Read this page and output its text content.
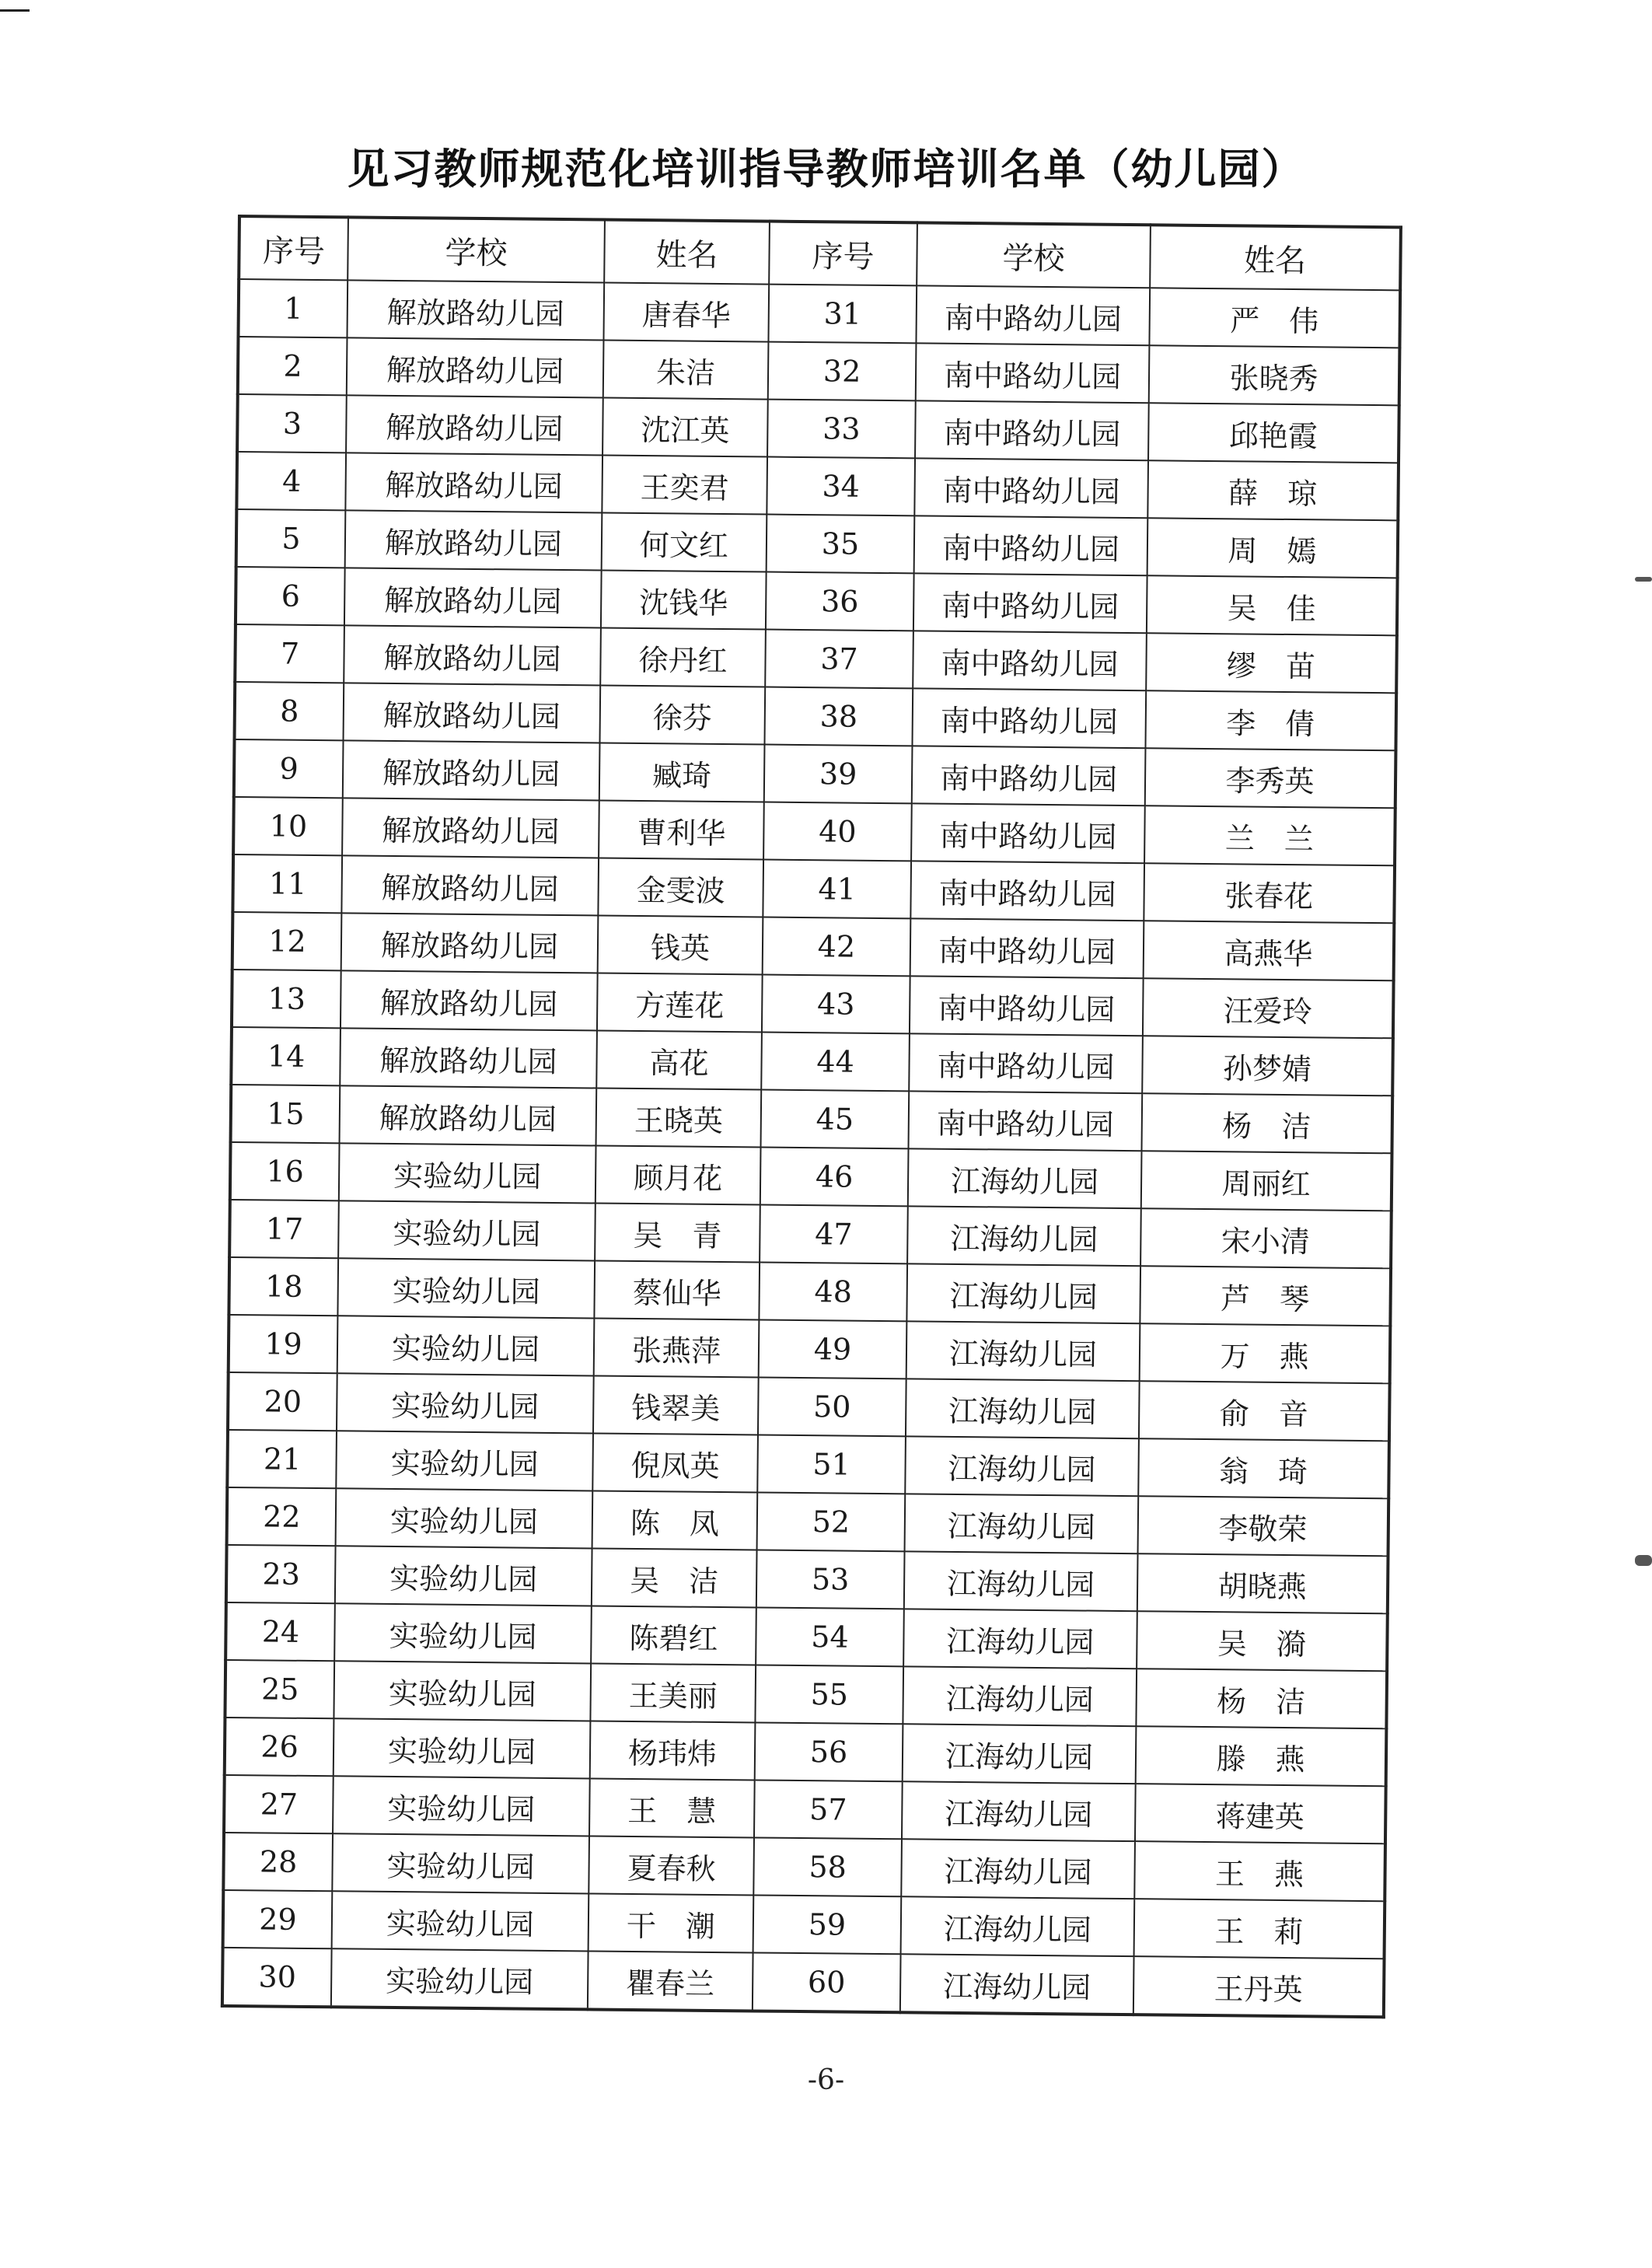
见习教师规范化培训指导教师培训名单（幼儿园）
序号	学校	姓名	序号	学校	姓名
1	解放路幼儿园	唐春华	31	南中路幼儿园	严　伟
2	解放路幼儿园	朱洁	32	南中路幼儿园	张晓秀
3	解放路幼儿园	沈江英	33	南中路幼儿园	邱艳霞
4	解放路幼儿园	王奕君	34	南中路幼儿园	薛　琼
5	解放路幼儿园	何文红	35	南中路幼儿园	周　嫣
6	解放路幼儿园	沈钱华	36	南中路幼儿园	吴　佳
7	解放路幼儿园	徐丹红	37	南中路幼儿园	缪　苗
8	解放路幼儿园	徐芬	38	南中路幼儿园	李　倩
9	解放路幼儿园	臧琦	39	南中路幼儿园	李秀英
10	解放路幼儿园	曹利华	40	南中路幼儿园	兰　兰
11	解放路幼儿园	金雯波	41	南中路幼儿园	张春花
12	解放路幼儿园	钱英	42	南中路幼儿园	高燕华
13	解放路幼儿园	方莲花	43	南中路幼儿园	汪爱玲
14	解放路幼儿园	高花	44	南中路幼儿园	孙梦婧
15	解放路幼儿园	王晓英	45	南中路幼儿园	杨　洁
16	实验幼儿园	顾月花	46	江海幼儿园	周丽红
17	实验幼儿园	吴　青	47	江海幼儿园	宋小清
18	实验幼儿园	蔡仙华	48	江海幼儿园	芦　琴
19	实验幼儿园	张燕萍	49	江海幼儿园	万　燕
20	实验幼儿园	钱翠美	50	江海幼儿园	俞　音
21	实验幼儿园	倪凤英	51	江海幼儿园	翁　琦
22	实验幼儿园	陈　凤	52	江海幼儿园	李敬荣
23	实验幼儿园	吴　洁	53	江海幼儿园	胡晓燕
24	实验幼儿园	陈碧红	54	江海幼儿园	吴　漪
25	实验幼儿园	王美丽	55	江海幼儿园	杨　洁
26	实验幼儿园	杨玮炜	56	江海幼儿园	滕　燕
27	实验幼儿园	王　慧	57	江海幼儿园	蒋建英
28	实验幼儿园	夏春秋	58	江海幼儿园	王　燕
29	实验幼儿园	干　潮	59	江海幼儿园	王　莉
30	实验幼儿园	瞿春兰	60	江海幼儿园	王丹英
-6-
